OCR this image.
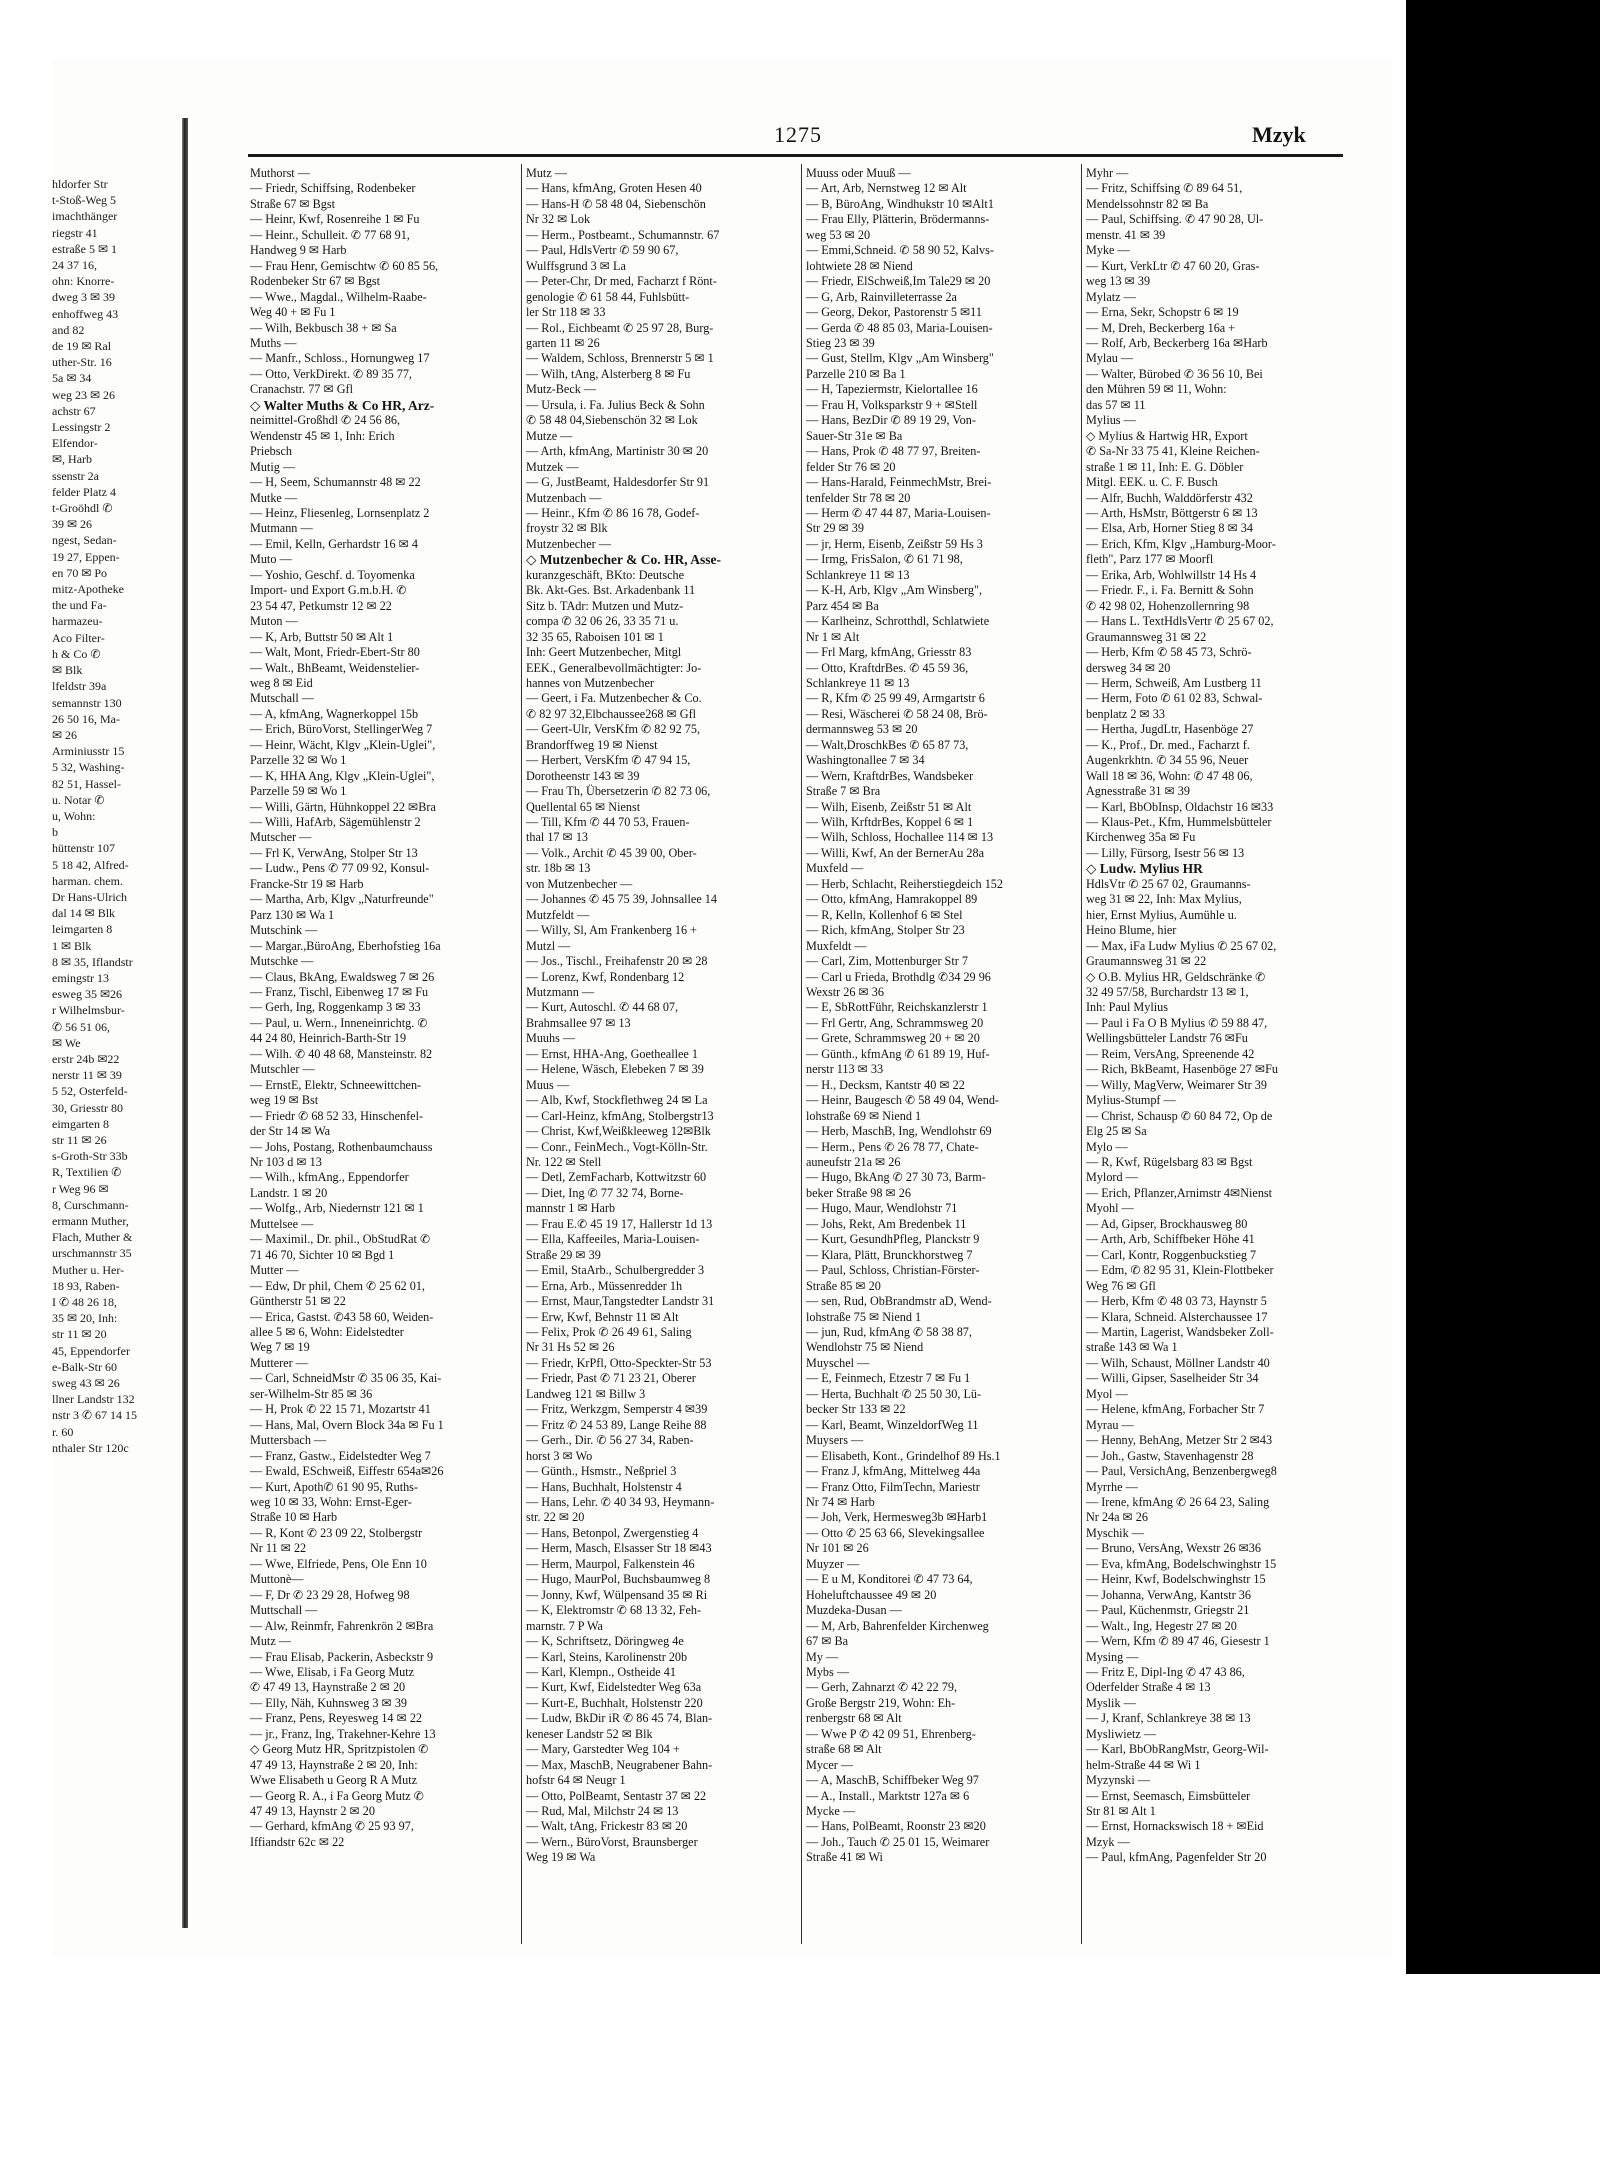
hldorfer Str
t-Stoß-Weg 5
imachthänger
riegstr 41
estraße 5 ✉ 1
24 37 16,
ohn: Knorre-
dweg 3 ✉ 39
enhoffweg 43
and 82
de 19 ✉ Ral
uther-Str. 16
5a ✉ 34
weg 23 ✉ 26
achstr 67
Lessingstr 2
Elfendor-
✉, Harb
ssenstr 2a
felder Platz 4
t-Groöhdl ✆
39 ✉ 26
ngest, Sedan-
19 27, Eppen-
en 70 ✉ Po
mitz-Apotheke
the und Fa-
harmazeu-
Aco Filter-
h & Co ✆
✉ Blk
lfeldstr 39a
semannstr 130
26 50 16, Ma-
✉ 26
Arminiusstr 15
5 32, Washing-
82 51, Hassel-
u. Notar ✆
u, Wohn:
b
hüttenstr 107
5 18 42, Alfred-
harman. chem.
Dr Hans-Ulrich
dal 14 ✉ Blk
leimgarten 8
1 ✉ Blk
8 ✉ 35, Iflandstr
emingstr 13
esweg 35 ✉26
r Wilhelmsbur-
✆ 56 51 06,
✉ We
erstr 24b ✉22
nerstr 11 ✉ 39
5 52, Osterfeld-
30, Griesstr 80
eimgarten 8
str 11 ✉ 26
s-Groth-Str 33b
R, Textilien ✆
r Weg 96 ✉
8, Curschmann-
ermann Muther,
Flach, Muther &
urschmannstr 35
Muther u. Her-
18 93, Raben-
I ✆ 48 26 18,
35 ✉ 20, Inh:
str 11 ✉ 20
45, Eppendorfer
e-Balk-Str 60
sweg 43 ✉ 26
llner Landstr 132
nstr 3 ✆ 67 14 15
r. 60
nthaler Str 120c
1275	Mzyk
Muthorst —
— Friedr, Schiffsing, Rodenbeker
Straße 67 ✉ Bgst
— Heinr, Kwf, Rosenreihe 1 ✉ Fu
— Heinr., Schulleit. ✆ 77 68 91,
Handweg 9 ✉ Harb
— Frau Henr, Gemischtw ✆ 60 85 56,
Rodenbeker Str 67 ✉ Bgst
— Wwe., Magdal., Wilhelm-Raabe-
Weg 40 + ✉ Fu 1
— Wilh, Bekbusch 38 + ✉ Sa
Muths —
— Manfr., Schloss., Hornungweg 17
— Otto, VerkDirekt. ✆ 89 35 77,
Cranachstr. 77 ✉ Gfl
◇ Walter Muths & Co HR, Arz-
neimittel-Großhdl ✆ 24 56 86,
Wendenstr 45 ✉ 1, Inh: Erich
Priebsch
Mutig —
— H, Seem, Schumannstr 48 ✉ 22
Mutke —
— Heinz, Fliesenleg, Lornsenplatz 2
Mutmann —
— Emil, Kelln, Gerhardstr 16 ✉ 4
Muto —
— Yoshio, Geschf. d. Toyomenka
Import- und Export G.m.b.H. ✆
23 54 47, Petkumstr 12 ✉ 22
Muton —
— K, Arb, Buttstr 50 ✉ Alt 1
— Walt, Mont, Friedr-Ebert-Str 80
— Walt., BhBeamt, Weidenstelier-
weg 8 ✉ Eid
Mutschall —
— A, kfmAng, Wagnerkoppel 15b
— Erich, BüroVorst, StellingerWeg 7
— Heinr, Wächt, Klgv „Klein-Uglei",
Parzelle 32 ✉ Wo 1
— K, HHA Ang, Klgv „Klein-Uglei",
Parzelle 59 ✉ Wo 1
— Willi, Gärtn, Hühnkoppel 22 ✉Bra
— Willi, HafArb, Sägemühlenstr 2
Mutscher —
— Frl K, VerwAng, Stolper Str 13
— Ludw., Pens ✆ 77 09 92, Konsul-
Francke-Str 19 ✉ Harb
— Martha, Arb, Klgv „Naturfreunde"
Parz 130 ✉ Wa 1
Mutschink —
— Margar.,BüroAng, Eberhofstieg 16a
Mutschke —
— Claus, BkAng, Ewaldsweg 7 ✉ 26
— Franz, Tischl, Eibenweg 17 ✉ Fu
— Gerh, Ing, Roggenkamp 3 ✉ 33
— Paul, u. Wern., Inneneinrichtg. ✆
44 24 80, Heinrich-Barth-Str 19
— Wilh. ✆ 40 48 68, Mansteinstr. 82
Mutschler —
— ErnstE, Elektr, Schneewittchen-
weg 19 ✉ Bst
— Friedr ✆ 68 52 33, Hinschenfel-
der Str 14 ✉ Wa
— Johs, Postang, Rothenbaumchauss
Nr 103 d ✉ 13
— Wilh., kfmAng., Eppendorfer
Landstr. 1 ✉ 20
— Wolfg., Arb, Niedernstr 121 ✉ 1
Muttelsee —
— Maximil., Dr. phil., ObStudRat ✆
71 46 70, Sichter 10 ✉ Bgd 1
Mutter —
— Edw, Dr phil, Chem ✆ 25 62 01,
Güntherstr 51 ✉ 22
— Erica, Gastst. ✆43 58 60, Weiden-
allee 5 ✉ 6, Wohn: Eidelstedter
Weg 7 ✉ 19
Mutterer —
— Carl, SchneidMstr ✆ 35 06 35, Kai-
ser-Wilhelm-Str 85 ✉ 36
— H, Prok ✆ 22 15 71, Mozartstr 41
— Hans, Mal, Overn Block 34a ✉ Fu 1
Muttersbach —
— Franz, Gastw., Eidelstedter Weg 7
— Ewald, ESchweiß, Eiffestr 654a✉26
— Kurt, Apoth✆ 61 90 95, Ruths-
weg 10 ✉ 33, Wohn: Ernst-Eger-
Straße 10 ✉ Harb
— R, Kont ✆ 23 09 22, Stolbergstr
Nr 11 ✉ 22
— Wwe, Elfriede, Pens, Ole Enn 10
Muttonè—
— F, Dr ✆ 23 29 28, Hofweg 98
Muttschall —
— Alw, Reinmfr, Fahrenkrön 2 ✉Bra
Mutz —
— Frau Elisab, Packerin, Asbeckstr 9
— Wwe, Elisab, i Fa Georg Mutz
✆ 47 49 13, Haynstraße 2 ✉ 20
— Elly, Näh, Kuhnsweg 3 ✉ 39
— Franz, Pens, Reyesweg 14 ✉ 22
— jr., Franz, Ing, Trakehner-Kehre 13
◇ Georg Mutz HR, Spritzpistolen ✆
47 49 13, Haynstraße 2 ✉ 20, Inh:
Wwe Elisabeth u Georg R A Mutz
— Georg R. A., i Fa Georg Mutz ✆
47 49 13, Haynstr 2 ✉ 20
— Gerhard, kfmAng ✆ 25 93 97,
Iffiandstr 62c ✉ 22
Mutz —
— Hans, kfmAng, Groten Hesen 40
— Hans-H ✆ 58 48 04, Siebenschön
Nr 32 ✉ Lok
— Herm., Postbeamt., Schumannstr. 67
— Paul, HdlsVertr ✆ 59 90 67,
Wulffsgrund 3 ✉ La
— Peter-Chr, Dr med, Facharzt f Rönt-
genologie ✆ 61 58 44, Fuhlsbütt-
ler Str 118 ✉ 33
— Rol., Eichbeamt ✆ 25 97 28, Burg-
garten 11 ✉ 26
— Waldem, Schloss, Brennerstr 5 ✉ 1
— Wilh, tAng, Alsterberg 8 ✉ Fu
Mutz-Beck —
— Ursula, i. Fa. Julius Beck & Sohn
✆ 58 48 04,Siebenschön 32 ✉ Lok
Mutze —
— Arth, kfmAng, Martinistr 30 ✉ 20
Mutzek —
— G, JustBeamt, Haldesdorfer Str 91
Mutzenbach —
— Heinr., Kfm ✆ 86 16 78, Godef-
froystr 32 ✉ Blk
Mutzenbecher —
◇ Mutzenbecher & Co. HR, Asse-
kuranzgeschäft, BKto: Deutsche
Bk. Akt-Ges. Bst. Arkadenbank 11
Sitz b. TAdr: Mutzen und Mutz-
compa ✆ 32 06 26, 33 35 71 u.
32 35 65, Raboisen 101 ✉ 1
Inh: Geert Mutzenbecher, Mitgl
EEK., Generalbevollmächtigter: Jo-
hannes von Mutzenbecher
— Geert, i Fa. Mutzenbecher & Co.
✆ 82 97 32,Elbchaussee268 ✉ Gfl
— Geert-Ulr, VersKfm ✆ 82 92 75,
Brandorffweg 19 ✉ Nienst
— Herbert, VersKfm ✆ 47 94 15,
Dorotheenstr 143 ✉ 39
— Frau Th, Übersetzerin ✆ 82 73 06,
Quellental 65 ✉ Nienst
— Till, Kfm ✆ 44 70 53, Frauen-
thal 17 ✉ 13
— Volk., Archit ✆ 45 39 00, Ober-
str. 18b ✉ 13
von Mutzenbecher —
— Johannes ✆ 45 75 39, Johnsallee 14
Mutzfeldt —
— Willy, Sl, Am Frankenberg 16 +
Mutzl —
— Jos., Tischl., Freihafenstr 20 ✉ 28
— Lorenz, Kwf, Rondenbarg 12
Mutzmann —
— Kurt, Autoschl. ✆ 44 68 07,
Brahmsallee 97 ✉ 13
Muuhs —
— Ernst, HHA-Ang, Goetheallee 1
— Helene, Wäsch, Elebeken 7 ✉ 39
Muus —
— Alb, Kwf, Stockflethweg 24 ✉ La
— Carl-Heinz, kfmAng, Stolbergstr13
— Christ, Kwf,Weißkleeweg 12✉Blk
— Conr., FeinMech., Vogt-Kölln-Str.
Nr. 122 ✉ Stell
— Detl, ZemFacharb, Kottwitzstr 60
— Diet, Ing ✆ 77 32 74, Borne-
mannstr 1 ✉ Harb
— Frau E.✆ 45 19 17, Hallerstr 1d 13
— Ella, Kaffeeiles, Maria-Louisen-
Straße 29 ✉ 39
— Emil, StaArb., Schulbergredder 3
— Erna, Arb., Müssenredder 1h
— Ernst, Maur,Tangstedter Landstr 31
— Erw, Kwf, Behnstr 11 ✉ Alt
— Felix, Prok ✆ 26 49 61, Saling
Nr 31 Hs 52 ✉ 26
— Friedr, KrPfl, Otto-Speckter-Str 53
— Friedr, Past ✆ 71 23 21, Oberer
Landweg 121 ✉ Billw 3
— Fritz, Werkzgm, Semperstr 4 ✉39
— Fritz ✆ 24 53 89, Lange Reihe 88
— Gerh., Dir. ✆ 56 27 34, Raben-
horst 3 ✉ Wo
— Günth., Hsmstr., Neßpriel 3
— Hans, Buchhalt, Holstenstr 4
— Hans, Lehr. ✆ 40 34 93, Heymann-
str. 22 ✉ 20
— Hans, Betonpol, Zwergenstieg 4
— Herm, Masch, Elsasser Str 18 ✉43
— Herm, Maurpol, Falkenstein 46
— Hugo, MaurPol, Buchsbaumweg 8
— Jonny, Kwf, Wülpensand 35 ✉ Ri
— K, Elektromstr ✆ 68 13 32, Feh-
marnstr. 7 P Wa
— K, Schriftsetz, Döringweg 4e
— Karl, Steins, Karolinenstr 20b
— Karl, Klempn., Ostheide 41
— Kurt, Kwf, Eidelstedter Weg 63a
— Kurt-E, Buchhalt, Holstenstr 220
— Ludw, BkDir iR ✆ 86 45 74, Blan-
keneser Landstr 52 ✉ Blk
— Mary, Garstedter Weg 104 +
— Max, MaschB, Neugrabener Bahn-
hofstr 64 ✉ Neugr 1
— Otto, PolBeamt, Sentastr 37 ✉ 22
— Rud, Mal, Milchstr 24 ✉ 13
— Walt, tAng, Frickestr 83 ✉ 20
— Wern., BüroVorst, Braunsberger
Weg 19 ✉ Wa
Muuss oder Muuß —
— Art, Arb, Nernstweg 12 ✉ Alt
— B, BüroAng, Windhukstr 10 ✉Alt1
— Frau Elly, Plätterin, Brödermanns-
weg 53 ✉ 20
— Emmi,Schneid. ✆ 58 90 52, Kalvs-
lohtwiete 28 ✉ Niend
— Friedr, ElSchweiß,Im Tale29 ✉ 20
— G, Arb, Rainvilleterrasse 2a
— Georg, Dekor, Pastorenstr 5 ✉11
— Gerda ✆ 48 85 03, Maria-Louisen-
Stieg 23 ✉ 39
— Gust, Stellm, Klgv „Am Winsberg"
Parzelle 210 ✉ Ba 1
— H, Tapeziermstr, Kielortallee 16
— Frau H, Volksparkstr 9 + ✉Stell
— Hans, BezDir ✆ 89 19 29, Von-
Sauer-Str 31e ✉ Ba
— Hans, Prok ✆ 48 77 97, Breiten-
felder Str 76 ✉ 20
— Hans-Harald, FeinmechMstr, Brei-
tenfelder Str 78 ✉ 20
— Herm ✆ 47 44 87, Maria-Louisen-
Str 29 ✉ 39
— jr, Herm, Eisenb, Zeißstr 59 Hs 3
— Irmg, FrisSalon, ✆ 61 71 98,
Schlankreye 11 ✉ 13
— K-H, Arb, Klgv „Am Winsberg",
Parz 454 ✉ Ba
— Karlheinz, Schrotthdl, Schlatwiete
Nr 1 ✉ Alt
— Frl Marg, kfmAng, Griesstr 83
— Otto, KraftdrBes. ✆ 45 59 36,
Schlankreye 11 ✉ 13
— R, Kfm ✆ 25 99 49, Armgartstr 6
— Resi, Wäscherei ✆ 58 24 08, Brö-
dermannsweg 53 ✉ 20
— Walt,DroschkBes ✆ 65 87 73,
Washingtonallee 7 ✉ 34
— Wern, KraftdrBes, Wandsbeker
Straße 7 ✉ Bra
— Wilh, Eisenb, Zeißstr 51 ✉ Alt
— Wilh, KrftdrBes, Koppel 6 ✉ 1
— Wilh, Schloss, Hochallee 114 ✉ 13
— Willi, Kwf, An der BernerAu 28a
Muxfeld —
— Herb, Schlacht, Reiherstiegdeich 152
— Otto, kfmAng, Hamrakoppel 89
— R, Kelln, Kollenhof 6 ✉ Stel
— Rich, kfmAng, Stolper Str 23
Muxfeldt —
— Carl, Zim, Mottenburger Str 7
— Carl u Frieda, Brothdlg ✆34 29 96
Wexstr 26 ✉ 36
— E, SbRottFühr, Reichskanzlerstr 1
— Frl Gertr, Ang, Schrammsweg 20
— Grete, Schrammsweg 20 + ✉ 20
— Günth., kfmAng ✆ 61 89 19, Huf-
nerstr 113 ✉ 33
— H., Decksm, Kantstr 40 ✉ 22
— Heinr, Baugesch ✆ 58 49 04, Wend-
lohstraße 69 ✉ Niend 1
— Herb, MaschB, Ing, Wendlohstr 69
— Herm., Pens ✆ 26 78 77, Chate-
auneufstr 21a ✉ 26
— Hugo, BkAng ✆ 27 30 73, Barm-
beker Straße 98 ✉ 26
— Hugo, Maur, Wendlohstr 71
— Johs, Rekt, Am Bredenbek 11
— Kurt, GesundhPfleg, Planckstr 9
— Klara, Plätt, Brunckhorstweg 7
— Paul, Schloss, Christian-Förster-
Straße 85 ✉ 20
— sen, Rud, ObBrandmstr aD, Wend-
lohstraße 75 ✉ Niend 1
— jun, Rud, kfmAng ✆ 58 38 87,
Wendlohstr 75 ✉ Niend
Muyschel —
— E, Feinmech, Etzestr 7 ✉ Fu 1
— Herta, Buchhalt ✆ 25 50 30, Lü-
becker Str 133 ✉ 22
— Karl, Beamt, WinzeldorfWeg 11
Muysers —
— Elisabeth, Kont., Grindelhof 89 Hs.1
— Franz J, kfmAng, Mittelweg 44a
— Franz Otto, FilmTechn, Mariestr
Nr 74 ✉ Harb
— Joh, Verk, Hermesweg3b ✉Harb1
— Otto ✆ 25 63 66, Slevekingsallee
Nr 101 ✉ 26
Muyzer —
— E u M, Konditorei ✆ 47 73 64,
Hoheluftchaussee 49 ✉ 20
Muzdeka-Dusan —
— M, Arb, Bahrenfelder Kirchenweg
67 ✉ Ba
My —
Mybs —
— Gerh, Zahnarzt ✆ 42 22 79,
Große Bergstr 219, Wohn: Eh-
renbergstr 68 ✉ Alt
— Wwe P ✆ 42 09 51, Ehrenberg-
straße 68 ✉ Alt
Mycer —
— A, MaschB, Schiffbeker Weg 97
— A., Install., Marktstr 127a ✉ 6
Mycke —
— Hans, PolBeamt, Roonstr 23 ✉20
— Joh., Tauch ✆ 25 01 15, Weimarer
Straße 41 ✉ Wi
Myhr —
— Fritz, Schiffsing ✆ 89 64 51,
Mendelssohnstr 82 ✉ Ba
— Paul, Schiffsing. ✆ 47 90 28, Ul-
menstr. 41 ✉ 39
Myke —
— Kurt, VerkLtr ✆ 47 60 20, Gras-
weg 13 ✉ 39
Mylatz —
— Erna, Sekr, Schopstr 6 ✉ 19
— M, Dreh, Beckerberg 16a +
— Rolf, Arb, Beckerberg 16a ✉Harb
Mylau —
— Walter, Bürobed ✆ 36 56 10, Bei
den Mühren 59 ✉ 11, Wohn:
das 57 ✉ 11
Mylius —
◇ Mylius & Hartwig HR, Export
✆ Sa-Nr 33 75 41, Kleine Reichen-
straße 1 ✉ 11, Inh: E. G. Döbler
Mitgl. EEK. u. C. F. Busch
— Alfr, Buchh, Walddörferstr 432
— Arth, HsMstr, Böttgerstr 6 ✉ 13
— Elsa, Arb, Horner Stieg 8 ✉ 34
— Erich, Kfm, Klgv „Hamburg-Moor-
fleth", Parz 177 ✉ Moorfl
— Erika, Arb, Wohlwillstr 14 Hs 4
— Friedr. F., i. Fa. Bernitt & Sohn
✆ 42 98 02, Hohenzollernring 98
— Hans L. TextHdlsVertr ✆ 25 67 02,
Graumannsweg 31 ✉ 22
— Herb, Kfm ✆ 58 45 73, Schrö-
dersweg 34 ✉ 20
— Herm, Schweiß, Am Lustberg 11
— Herm, Foto ✆ 61 02 83, Schwal-
benplatz 2 ✉ 33
— Hertha, JugdLtr, Hasenböge 27
— K., Prof., Dr. med., Facharzt f.
Augenkrkhtn. ✆ 34 55 96, Neuer
Wall 18 ✉ 36, Wohn: ✆ 47 48 06,
Agnesstraße 31 ✉ 39
— Karl, BbObInsp, Oldachstr 16 ✉33
— Klaus-Pet., Kfm, Hummelsbütteler
Kirchenweg 35a ✉ Fu
— Lilly, Fürsorg, Isestr 56 ✉ 13
◇ Ludw. Mylius HR
HdlsVtr ✆ 25 67 02, Graumanns-
weg 31 ✉ 22, Inh: Max Mylius,
hier, Ernst Mylius, Aumühle u.
Heino Blume, hier
— Max, iFa Ludw Mylius ✆ 25 67 02,
Graumannsweg 31 ✉ 22
◇ O.B. Mylius HR, Geldschränke ✆
32 49 57/58, Burchardstr 13 ✉ 1,
Inh: Paul Mylius
— Paul i Fa O B Mylius ✆ 59 88 47,
Wellingsbütteler Landstr 76 ✉Fu
— Reim, VersAng, Spreenende 42
— Rich, BkBeamt, Hasenböge 27 ✉Fu
— Willy, MagVerw, Weimarer Str 39
Mylius-Stumpf —
— Christ, Schausp ✆ 60 84 72, Op de
Elg 25 ✉ Sa
Mylo —
— R, Kwf, Rügelsbarg 83 ✉ Bgst
Mylord —
— Erich, Pflanzer,Arnimstr 4✉Nienst
Myohl —
— Ad, Gipser, Brockhausweg 80
— Arth, Arb, Schiffbeker Höhe 41
— Carl, Kontr, Roggenbuckstieg 7
— Edm, ✆ 82 95 31, Klein-Flottbeker
Weg 76 ✉ Gfl
— Herb, Kfm ✆ 48 03 73, Haynstr 5
— Klara, Schneid. Alsterchaussee 17
— Martin, Lagerist, Wandsbeker Zoll-
straße 143 ✉ Wa 1
— Wilh, Schaust, Möllner Landstr 40
— Willi, Gipser, Saselheider Str 34
Myol —
— Helene, kfmAng, Forbacher Str 7
Myrau —
— Henny, BehAng, Metzer Str 2 ✉43
— Joh., Gastw, Stavenhagenstr 28
— Paul, VersichAng, Benzenbergweg8
Myrrhe —
— Irene, kfmAng ✆ 26 64 23, Saling
Nr 24a ✉ 26
Myschik —
— Bruno, VersAng, Wexstr 26 ✉36
— Eva, kfmAng, Bodelschwinghstr 15
— Heinr, Kwf, Bodelschwinghstr 15
— Johanna, VerwAng, Kantstr 36
— Paul, Küchenmstr, Griegstr 21
— Walt., Ing, Hegestr 27 ✉ 20
— Wern, Kfm ✆ 89 47 46, Giesestr 1
Mysing —
— Fritz E, Dipl-Ing ✆ 47 43 86,
Oderfelder Straße 4 ✉ 13
Myslik —
— J, Kranf, Schlankreye 38 ✉ 13
Mysliwietz —
— Karl, BbObRangMstr, Georg-Wil-
helm-Straße 44 ✉ Wi 1
Myzynski —
— Ernst, Seemasch, Eimsbütteler
Str 81 ✉ Alt 1
— Ernst, Hornackswisch 18 + ✉Eid
Mzyk —
— Paul, kfmAng, Pagenfelder Str 20
